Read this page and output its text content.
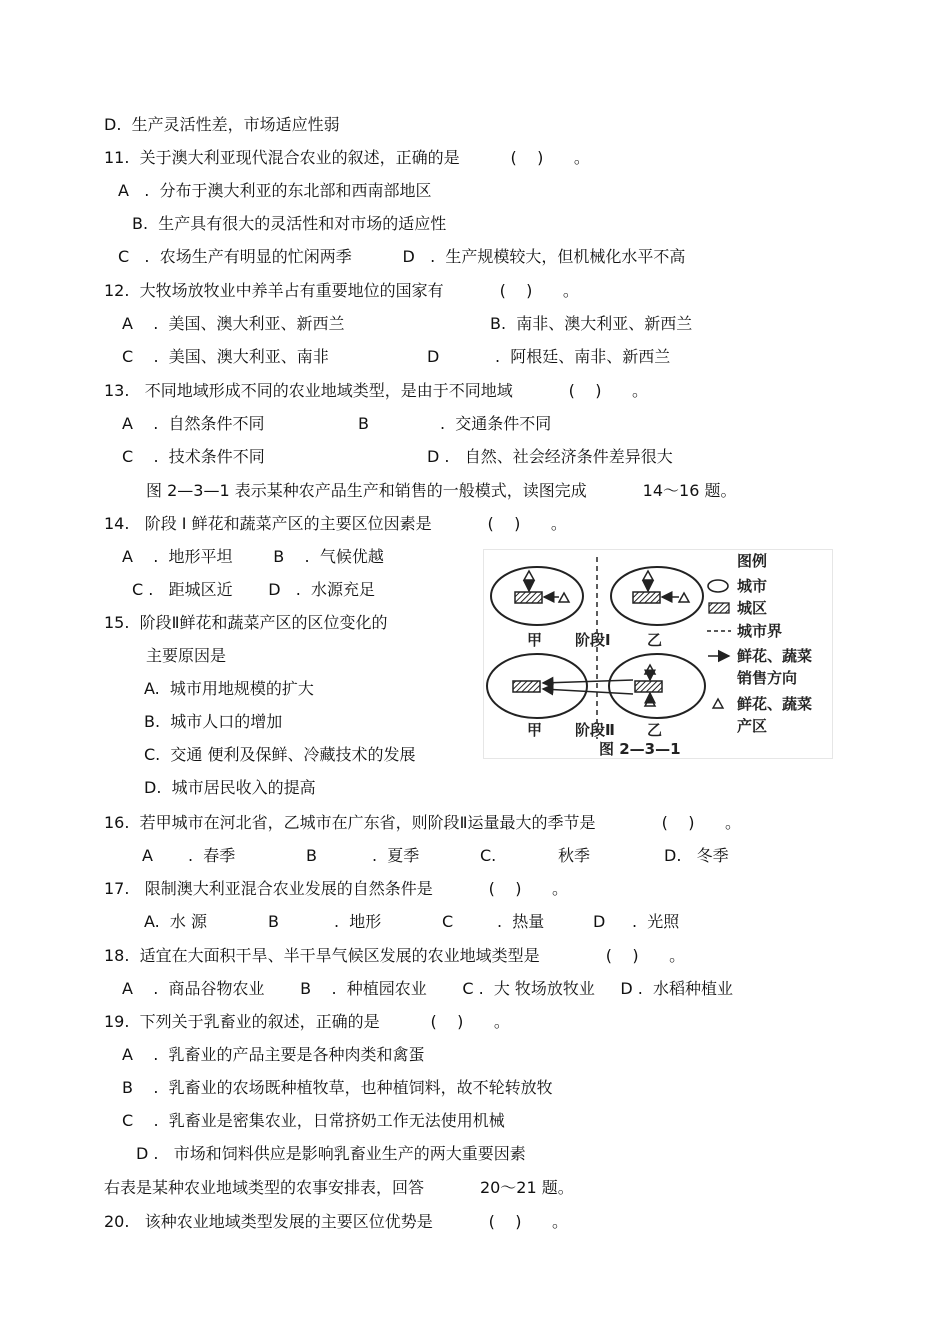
D.  生产灵活性差，市场适应性弱
11.  关于澳大利亚现代混合农业的叙述，正确的是          (    )      。
A   .  分布于澳大利亚的东北部和西南部地区
B.  生产具有很大的灵活性和对市场的适应性
C   .  农场生产有明显的忙闲两季          D   .  生产规模较大，但机械化水平不高
12.  大牧场放牧业中养羊占有重要地位的国家有           (    )      。
A    .  美国、澳大利亚、新西兰	B.  南非、澳大利亚、新西兰
C    .  美国、澳大利亚、南非	D	.  阿根廷、南非、新西兰
13.   不同地域形成不同的农业地域类型，是由于不同地域           (    )      。
A    .  自然条件不同	B	.  交通条件不同
C    .  技术条件不同	D .   自然、社会经济条件差异很大
图 2—3—1 表示某种农产品生产和销售的一般模式，读图完成           14～16 题。
14.   阶段 Ⅰ 鲜花和蔬菜产区的主要区位因素是           (    )      。
A    .  地形平坦        B    .  气候优越
C .   距城区近       D   .  水源充足
15.  阶段Ⅱ鲜花和蔬菜产区的区位变化的
主要原因是
A.  城市用地规模的扩大
B.  城市人口的增加
C.  交通 便利及保鲜、冷藏技术的发展
D.  城市居民收入的提高
16.  若甲城市在河北省，乙城市在广东省，则阶段Ⅱ运量最大的季节是             (    )      。
A .  春季	B	.  夏季	C.	秋季	D.   冬季
17.   限制澳大利亚混合农业发展的自然条件是           (    )      。
A.  水 源	B	.  地形	C	.  热量	D .  光照
18.  适宜在大面积干旱、半干旱气候区发展的农业地域类型是             (    )      。
A    .  商品谷物农业       B    .  种植园农业       C .  大 牧场放牧业     D .  水稻种植业
19.  下列关于乳畜业的叙述，正确的是          (    )      。
A    .  乳畜业的产品主要是各种肉类和禽蛋
B    .  乳畜业的农场既种植牧草，也种植饲料，故不轮转放牧
C    .  乳畜业是密集农业，日常挤奶工作无法使用机械
D .   市场和饲料供应是影响乳畜业生产的两大重要因素
右表是某种农业地域类型的农事安排表，回答           20～21 题。
20.   该种农业地域类型发展的主要区位优势是           (    )      。
甲 阶段Ⅰ 乙
甲 阶段Ⅱ 乙
图 2—3—1
图例
城市
城区
城市界
鲜花、蔬菜
销售方向
鲜花、蔬菜
产区
